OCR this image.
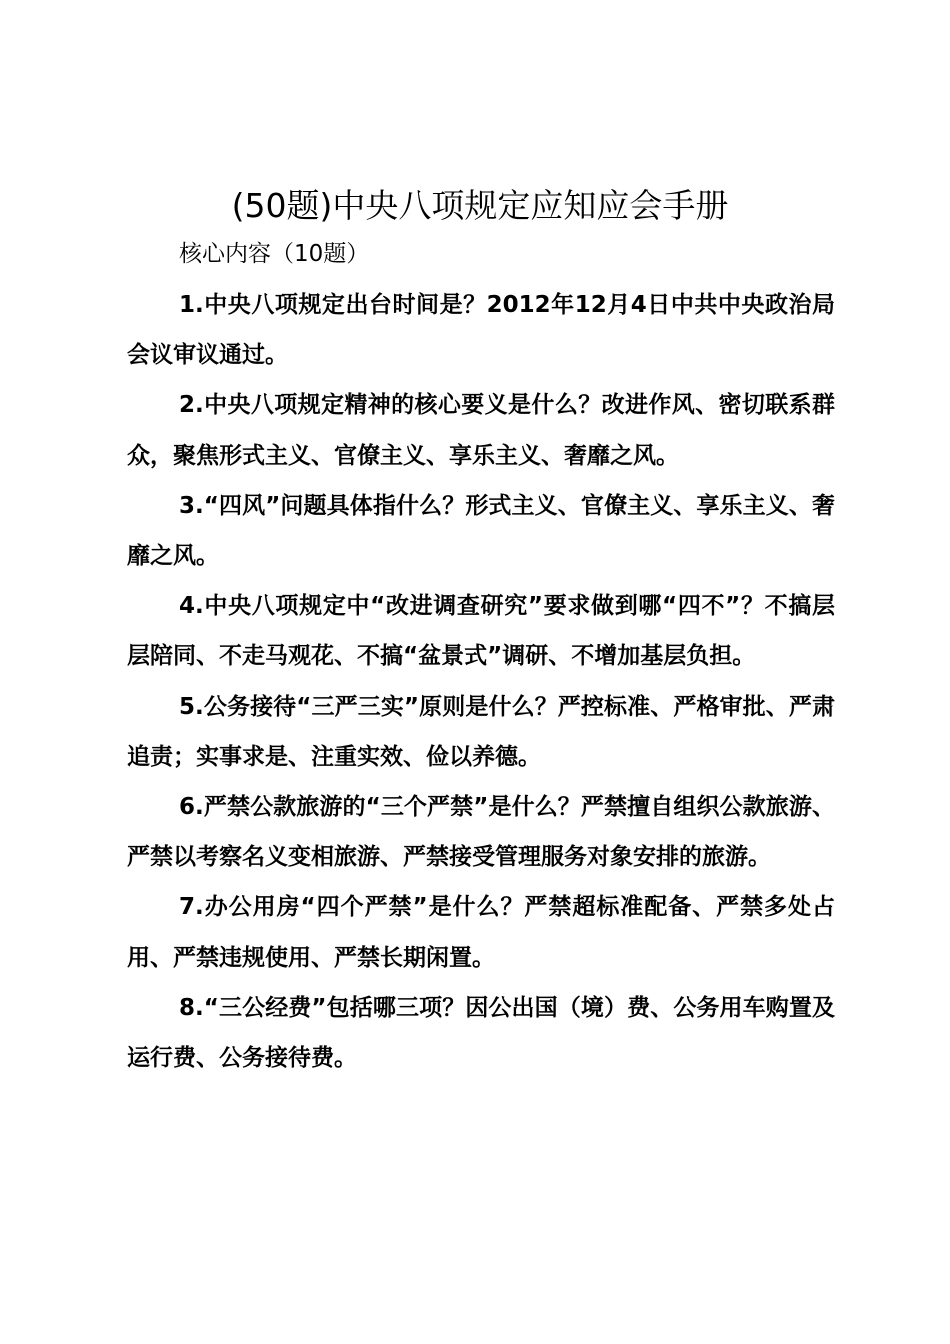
(50题)中央八项规定应知应会手册

核心内容（10题）

1.中央八项规定出台时间是？2012年12月4日中共中央政治局会议审议通过。

2.中央八项规定精神的核心要义是什么？改进作风、密切联系群众，聚焦形式主义、官僚主义、享乐主义、奢靡之风。

3.“四风”问题具体指什么？形式主义、官僚主义、享乐主义、奢靡之风。

4.中央八项规定中“改进调查研究”要求做到哪“四不”？不搞层层陪同、不走马观花、不搞“盆景式”调研、不增加基层负担。

5.公务接待“三严三实”原则是什么？严控标准、严格审批、严肃追责；实事求是、注重实效、俭以养德。

6.严禁公款旅游的“三个严禁”是什么？严禁擅自组织公款旅游、严禁以考察名义变相旅游、严禁接受管理服务对象安排的旅游。

7.办公用房“四个严禁”是什么？严禁超标准配备、严禁多处占用、严禁违规使用、严禁长期闲置。

8.“三公经费”包括哪三项？因公出国（境）费、公务用车购置及运行费、公务接待费。
